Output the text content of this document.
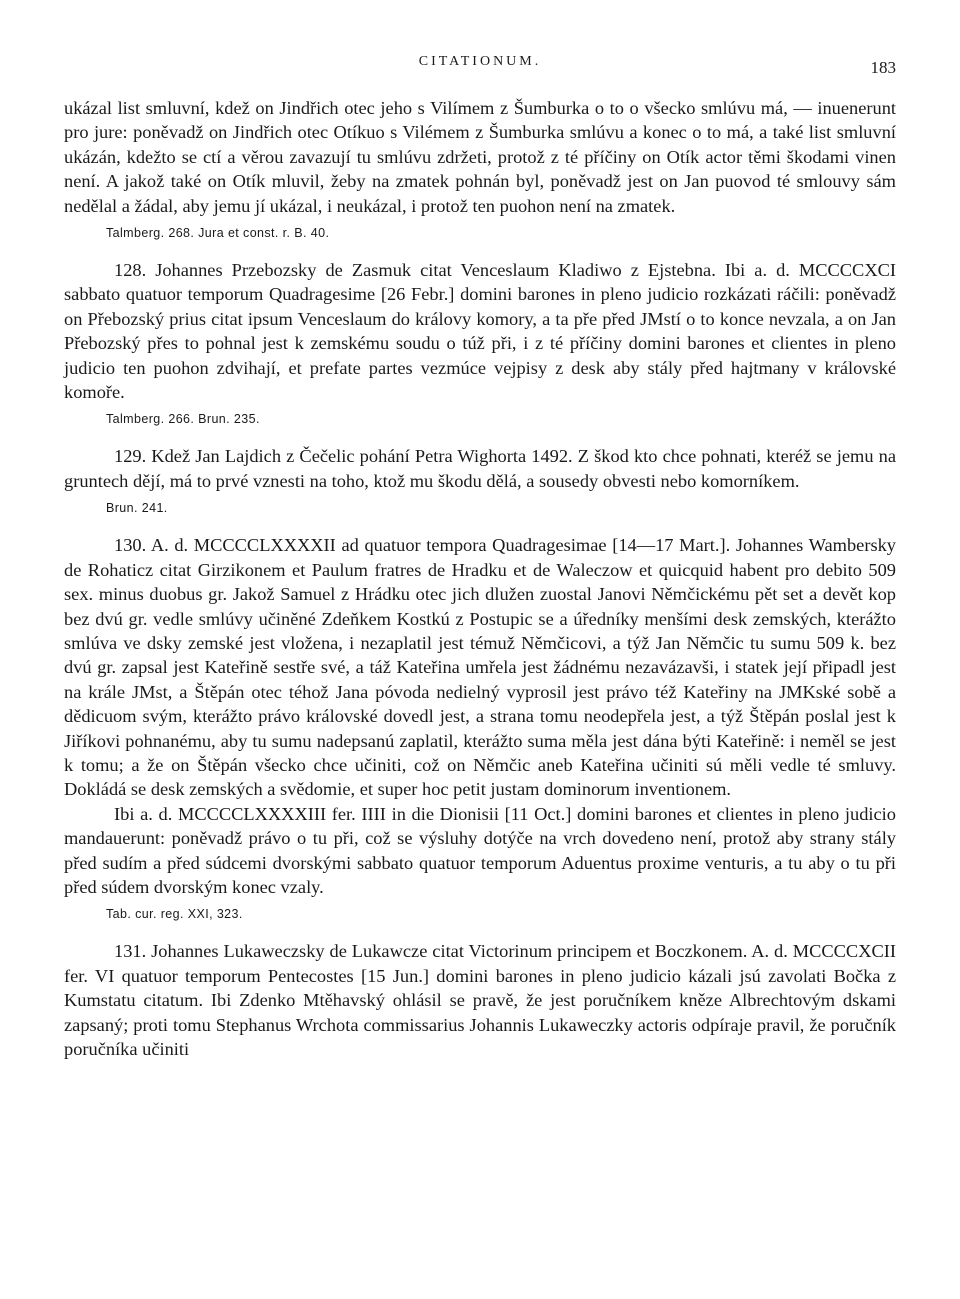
CITATIONUM.	183

ukázal list smluvní, kdež on Jindřich otec jeho s Vilímem z Šumburka o to o všecko smlúvu má, — inuenerunt pro jure: poněvadž on Jindřich otec Otíkuo s Vilémem z Šumburka smlúvu a konec o to má, a také list smluvní ukázán, kdežto se ctí a věrou zavazují tu smlúvu zdržeti, protož z té příčiny on Otík actor těmi škodami vinen není. A jakož také on Otík mluvil, žeby na zmatek pohnán byl, poněvadž jest on Jan puovod té smlouvy sám nedělal a žádal, aby jemu jí ukázal, i neukázal, i protož ten puohon není na zmatek.

Talmberg. 268. Jura et const. r. B. 40.

128. Johannes Przebozsky de Zasmuk citat Venceslaum Kladiwo z Ejstebna. Ibi a. d. MCCCCXCI sabbato quatuor temporum Quadragesime [26 Febr.] domini barones in pleno judicio rozkázati ráčili: poněvadž on Přebozský prius citat ipsum Venceslaum do královy komory, a ta pře před JMstí o to konce nevzala, a on Jan Přebozský přes to pohnal jest k zemskému soudu o túž při, i z té příčiny domini barones et clientes in pleno judicio ten puohon zdvihají, et prefate partes vezmúce vejpisy z desk aby stály před hajtmany v královské komoře.

Talmberg. 266. Brun. 235.

129. Kdež Jan Lajdich z Čečelic pohání Petra Wighorta 1492. Z škod kto chce pohnati, kteréž se jemu na gruntech dějí, má to prvé vznesti na toho, ktož mu škodu dělá, a sousedy obvesti nebo komorníkem.

Brun. 241.

130. A. d. MCCCCLXXXXII ad quatuor tempora Quadragesimae [14—17 Mart.]. Johannes Wambersky de Rohaticz citat Girzikonem et Paulum fratres de Hradku et de Waleczow et quicquid habent pro debito 509 sex. minus duobus gr. Jakož Samuel z Hrádku otec jich dlužen zuostal Janovi Němčickému pět set a devět kop bez dvú gr. vedle smlúvy učiněné Zdeňkem Kostkú z Postupic se a úředníky menšími desk zemských, kterážto smlúva ve dsky zemské jest vložena, i nezaplatil jest témuž Němčicovi, a týž Jan Němčic tu sumu 509 k. bez dvú gr. zapsal jest Kateřině sestře své, a táž Kateřina umřela jest žádnému nezavázavši, i statek její připadl jest na krále JMst, a Štěpán otec téhož Jana póvoda nedielný vyprosil jest právo též Kateřiny na JMKské sobě a dědicuom svým, kterážto právo královské dovedl jest, a strana tomu neodepřela jest, a týž Štěpán poslal jest k Jiříkovi pohnanému, aby tu sumu nadepsanú zaplatil, kterážto suma měla jest dána býti Kateřině: i neměl se jest k tomu; a že on Štěpán všecko chce učiniti, což on Němčic aneb Kateřina učiniti sú měli vedle té smluvy. Dokládá se desk zemských a svědomie, et super hoc petit justam dominorum inventionem.

Ibi a. d. MCCCCLXXXXIII fer. IIII in die Dionisii [11 Oct.] domini barones et clientes in pleno judicio mandauerunt: poněvadž právo o tu při, což se výsluhy dotýče na vrch dovedeno není, protož aby strany stály před sudím a před súdcemi dvorskými sabbato quatuor temporum Aduentus proxime venturis, a tu aby o tu při před súdem dvorským konec vzaly.

Tab. cur. reg. XXI, 323.

131. Johannes Lukaweczsky de Lukawcze citat Victorinum principem et Boczkonem. A. d. MCCCCXCII fer. VI quatuor temporum Pentecostes [15 Jun.] domini barones in pleno judicio kázali jsú zavolati Bočka z Kumstatu citatum. Ibi Zdenko Mtěhavský ohlásil se pravě, že jest poručníkem kněze Albrechtovým dskami zapsaný; proti tomu Stephanus Wrchota commissarius Johannis Lukaweczky actoris odpíraje pravil, že poručník poručníka učiniti
